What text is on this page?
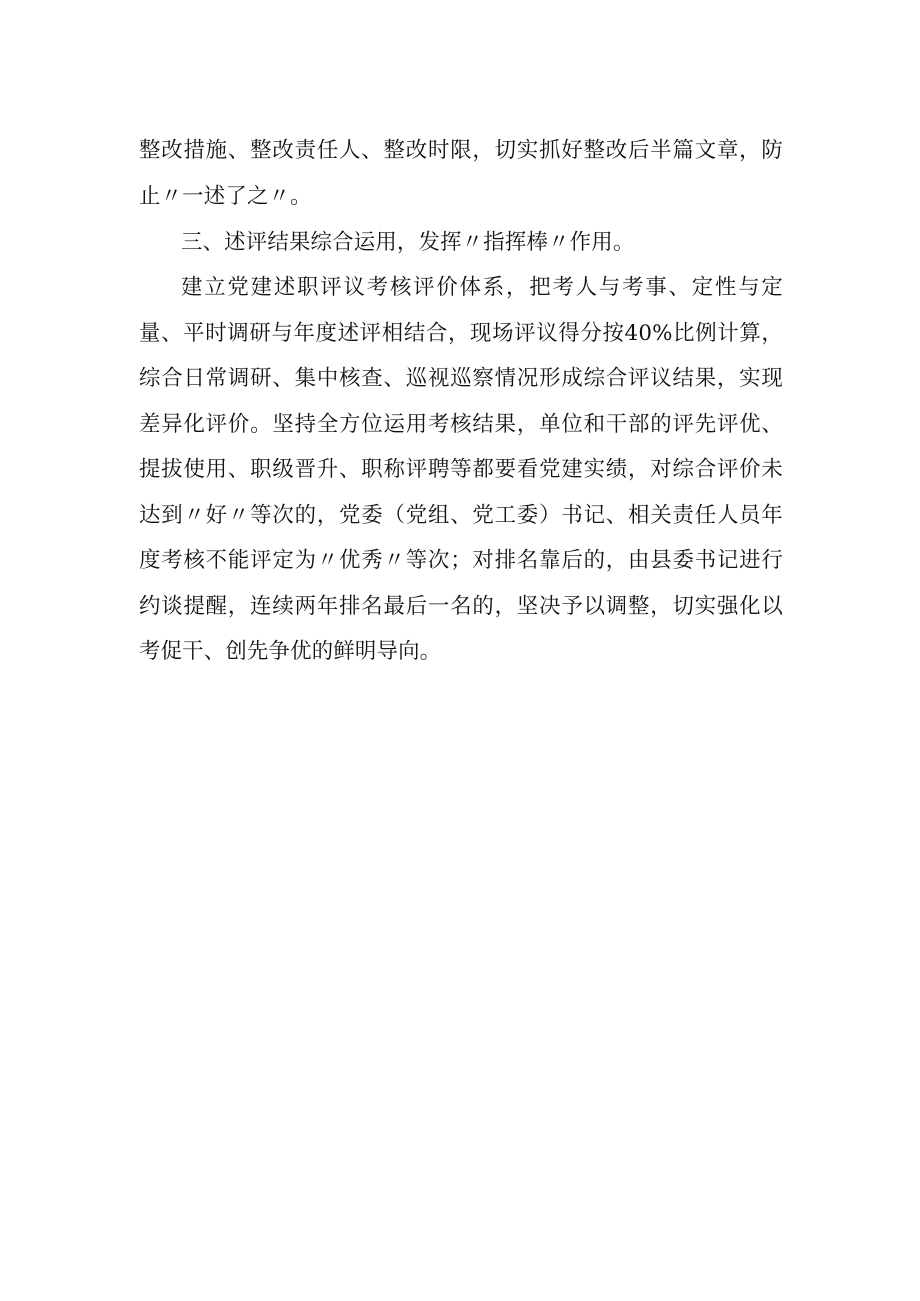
整改措施、整改责任人、整改时限，切实抓好整改后半篇文章，防止〃一述了之〃。

三、述评结果综合运用，发挥〃指挥棒〃作用。

建立党建述职评议考核评价体系，把考人与考事、定性与定量、平时调研与年度述评相结合，现场评议得分按40%比例计算，综合日常调研、集中核查、巡视巡察情况形成综合评议结果，实现差异化评价。坚持全方位运用考核结果，单位和干部的评先评优、提拔使用、职级晋升、职称评聘等都要看党建实绩，对综合评价未达到〃好〃等次的，党委（党组、党工委）书记、相关责任人员年度考核不能评定为〃优秀〃等次；对排名靠后的，由县委书记进行约谈提醒，连续两年排名最后一名的，坚决予以调整，切实强化以考促干、创先争优的鲜明导向。
